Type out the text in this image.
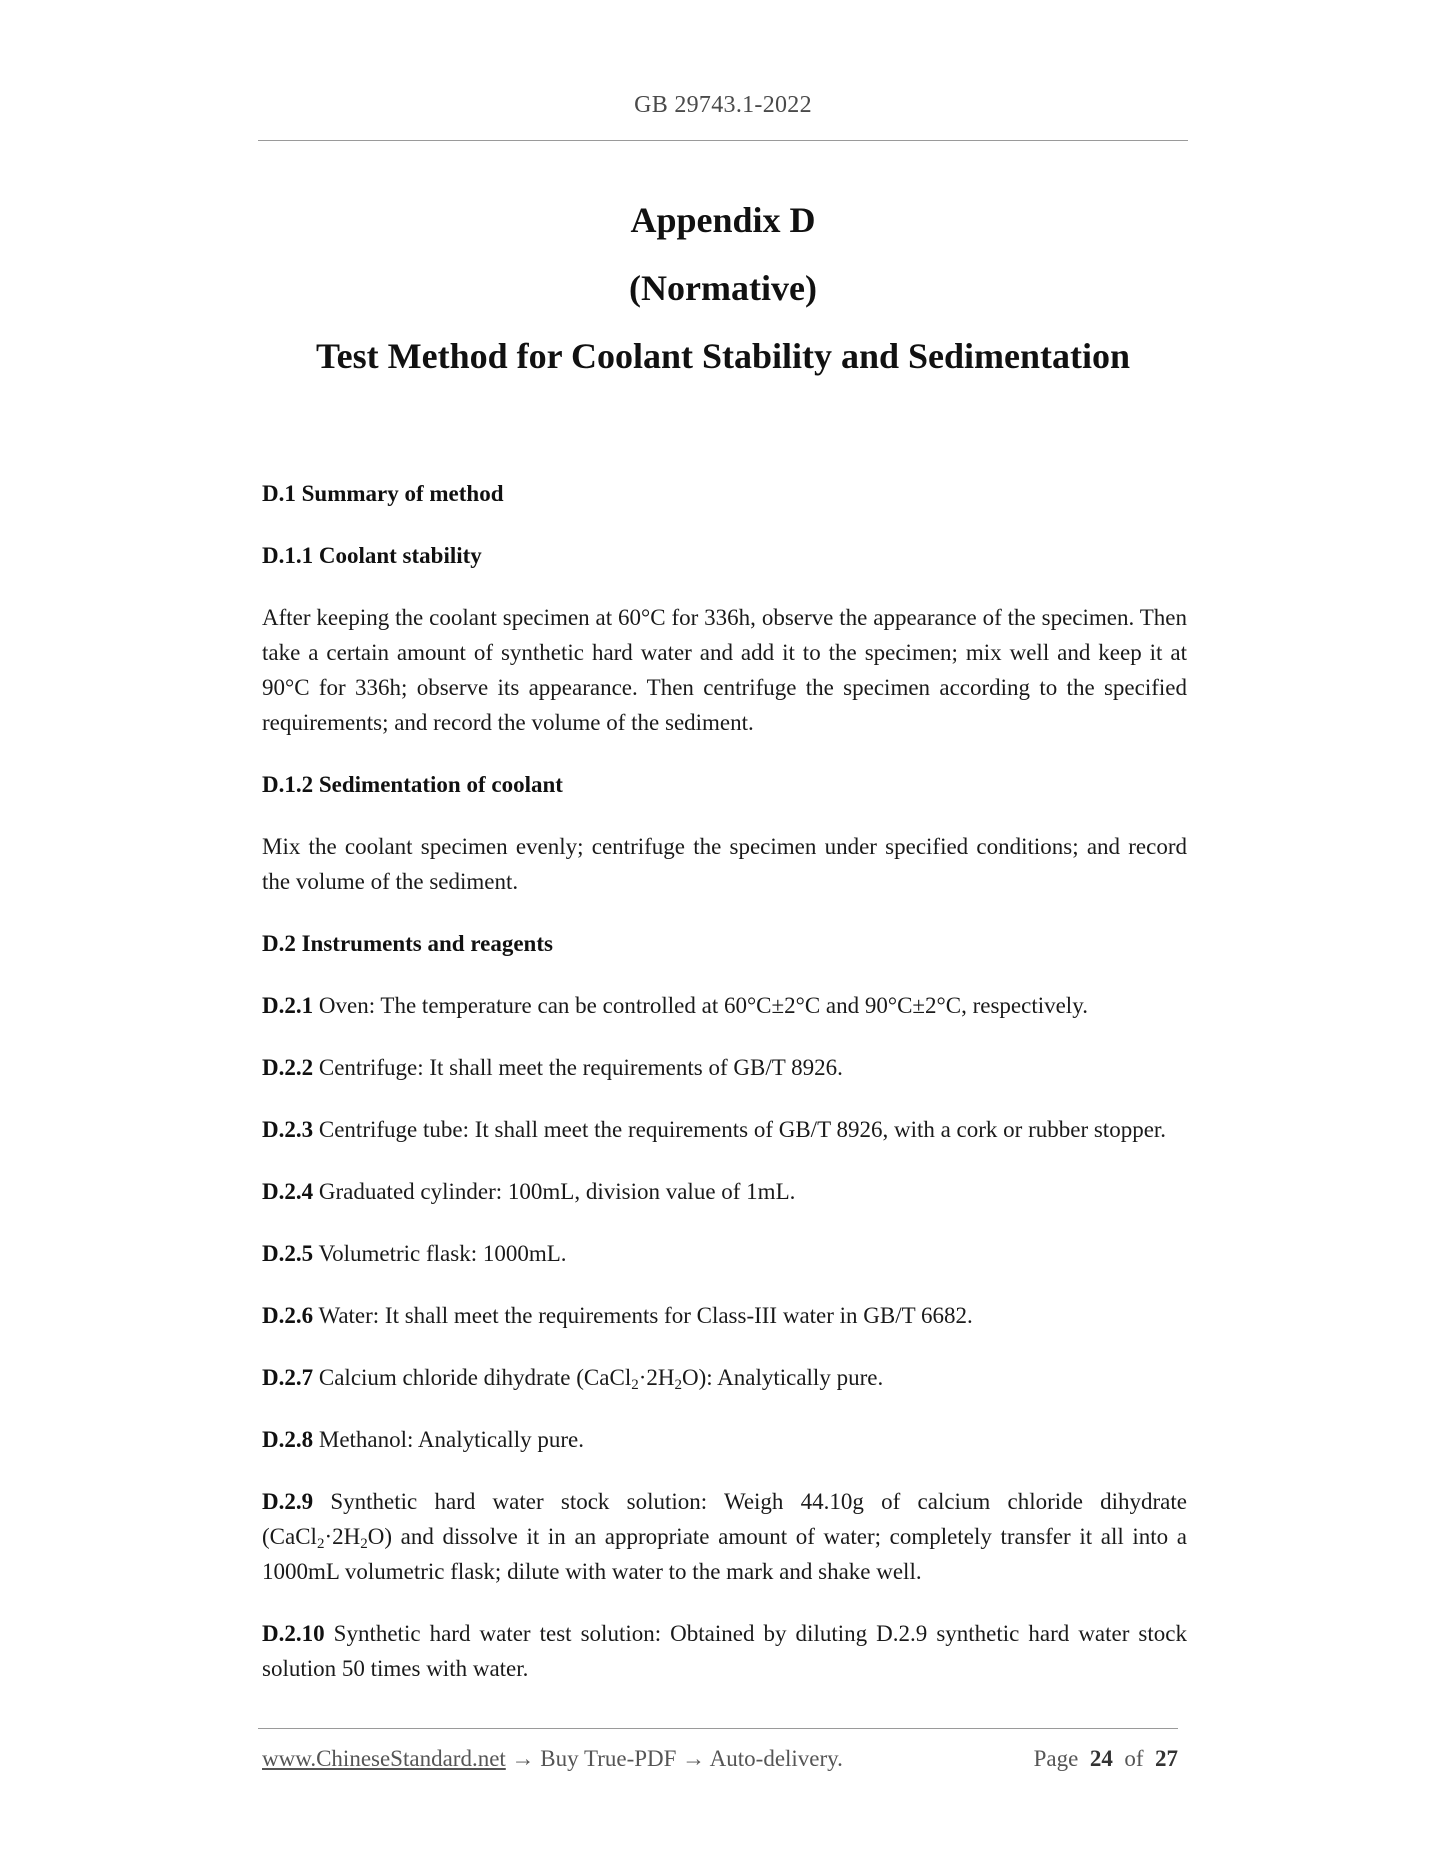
GB 29743.1-2022
Appendix D
(Normative)
Test Method for Coolant Stability and Sedimentation

D.1 Summary of method

D.1.1 Coolant stability

After keeping the coolant specimen at 60°C for 336h, observe the appearance of the specimen. Then take a certain amount of synthetic hard water and add it to the specimen; mix well and keep it at 90°C for 336h; observe its appearance. Then centrifuge the specimen according to the specified requirements; and record the volume of the sediment.

D.1.2 Sedimentation of coolant

Mix the coolant specimen evenly; centrifuge the specimen under specified conditions; and record the volume of the sediment.

D.2 Instruments and reagents

D.2.1 Oven: The temperature can be controlled at 60°C±2°C and 90°C±2°C, respectively.

D.2.2 Centrifuge: It shall meet the requirements of GB/T 8926.

D.2.3 Centrifuge tube: It shall meet the requirements of GB/T 8926, with a cork or rubber stopper.

D.2.4 Graduated cylinder: 100mL, division value of 1mL.

D.2.5 Volumetric flask: 1000mL.

D.2.6 Water: It shall meet the requirements for Class-III water in GB/T 6682.

D.2.7 Calcium chloride dihydrate $(CaCl_2\cdot 2H_2O)$: Analytically pure.

D.2.8 Methanol: Analytically pure.

D.2.9 Synthetic hard water stock solution: Weigh 44.10g of calcium chloride dihydrate $(CaCl_2\cdot 2H_2O)$ and dissolve it in an appropriate amount of water; completely transfer it all into a 1000mL volumetric flask; dilute with water to the mark and shake well.

D.2.10 Synthetic hard water test solution: Obtained by diluting D.2.9 synthetic hard water stock solution 50 times with water.

www.ChineseStandard.net → Buy True-PDF → Auto-delivery.	Page 24 of 27
